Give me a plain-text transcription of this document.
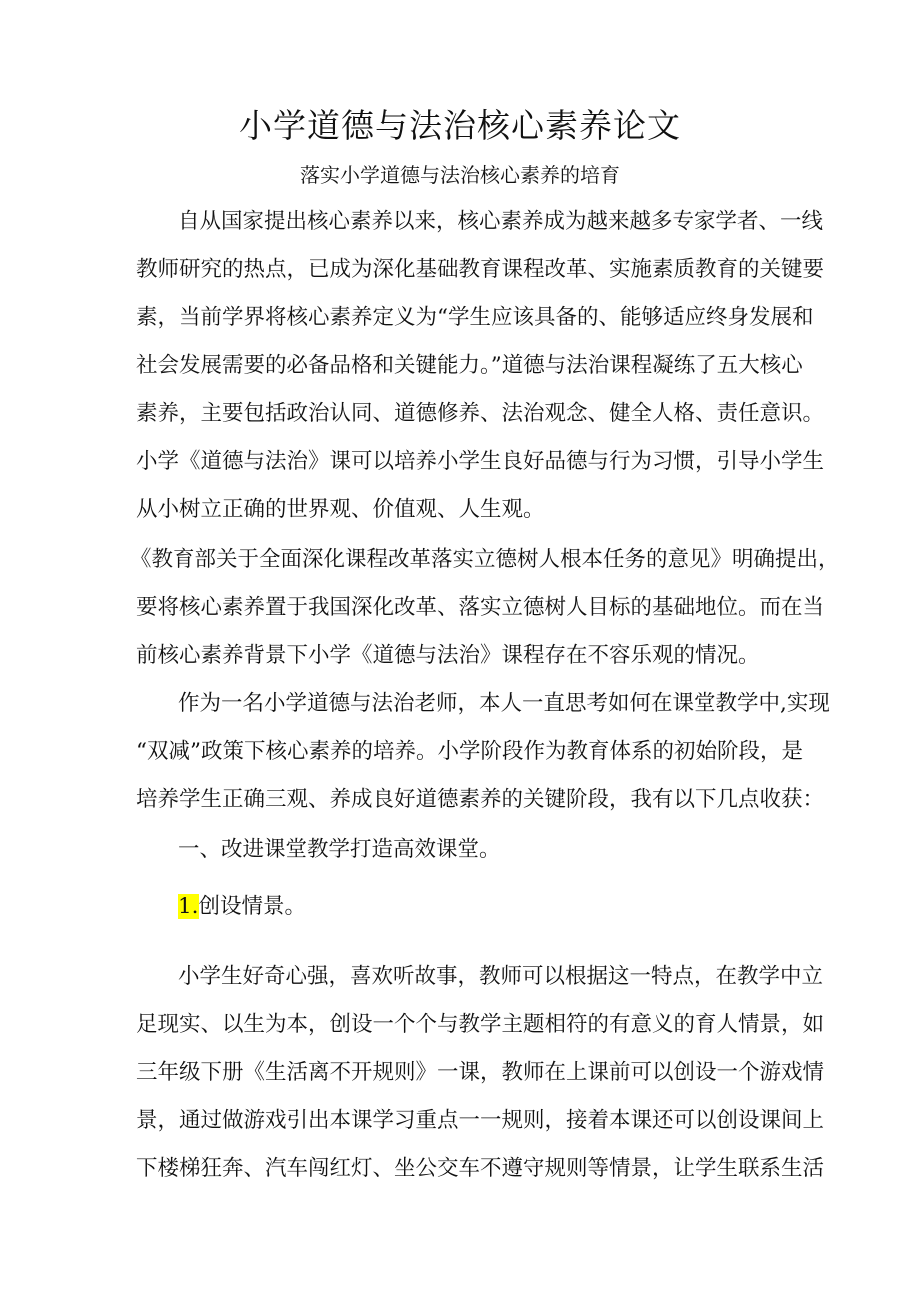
小学道德与法治核心素养论文
落实小学道德与法治核心素养的培育
自从国家提出核心素养以来，核心素养成为越来越多专家学者、一线
教师研究的热点，已成为深化基础教育课程改革、实施素质教育的关键要
素，当前学界将核心素养定义为“学生应该具备的、能够适应终身发展和
社会发展需要的必备品格和关键能力。”道德与法治课程凝练了五大核心
素养，主要包括政治认同、道德修养、法治观念、健全人格、责任意识。
小学《道德与法治》课可以培养小学生良好品德与行为习惯，引导小学生
从小树立正确的世界观、价值观、人生观。
《教育部关于全面深化课程改革落实立德树人根本任务的意见》明确提出，
要将核心素养置于我国深化改革、落实立德树人目标的基础地位。而在当
前核心素养背景下小学《道德与法治》课程存在不容乐观的情况。
作为一名小学道德与法治老师，本人一直思考如何在课堂教学中,实现
“双减”政策下核心素养的培养。小学阶段作为教育体系的初始阶段，是
培养学生正确三观、养成良好道德素养的关键阶段，我有以下几点收获：
一、改进课堂教学打造高效课堂。
1.创设情景。
小学生好奇心强，喜欢听故事，教师可以根据这一特点，在教学中立
足现实、以生为本，创设一个个与教学主题相符的有意义的育人情景，如
三年级下册《生活离不开规则》一课，教师在上课前可以创设一个游戏情
景，通过做游戏引出本课学习重点一一规则，接着本课还可以创设课间上
下楼梯狂奔、汽车闯红灯、坐公交车不遵守规则等情景，让学生联系生活
